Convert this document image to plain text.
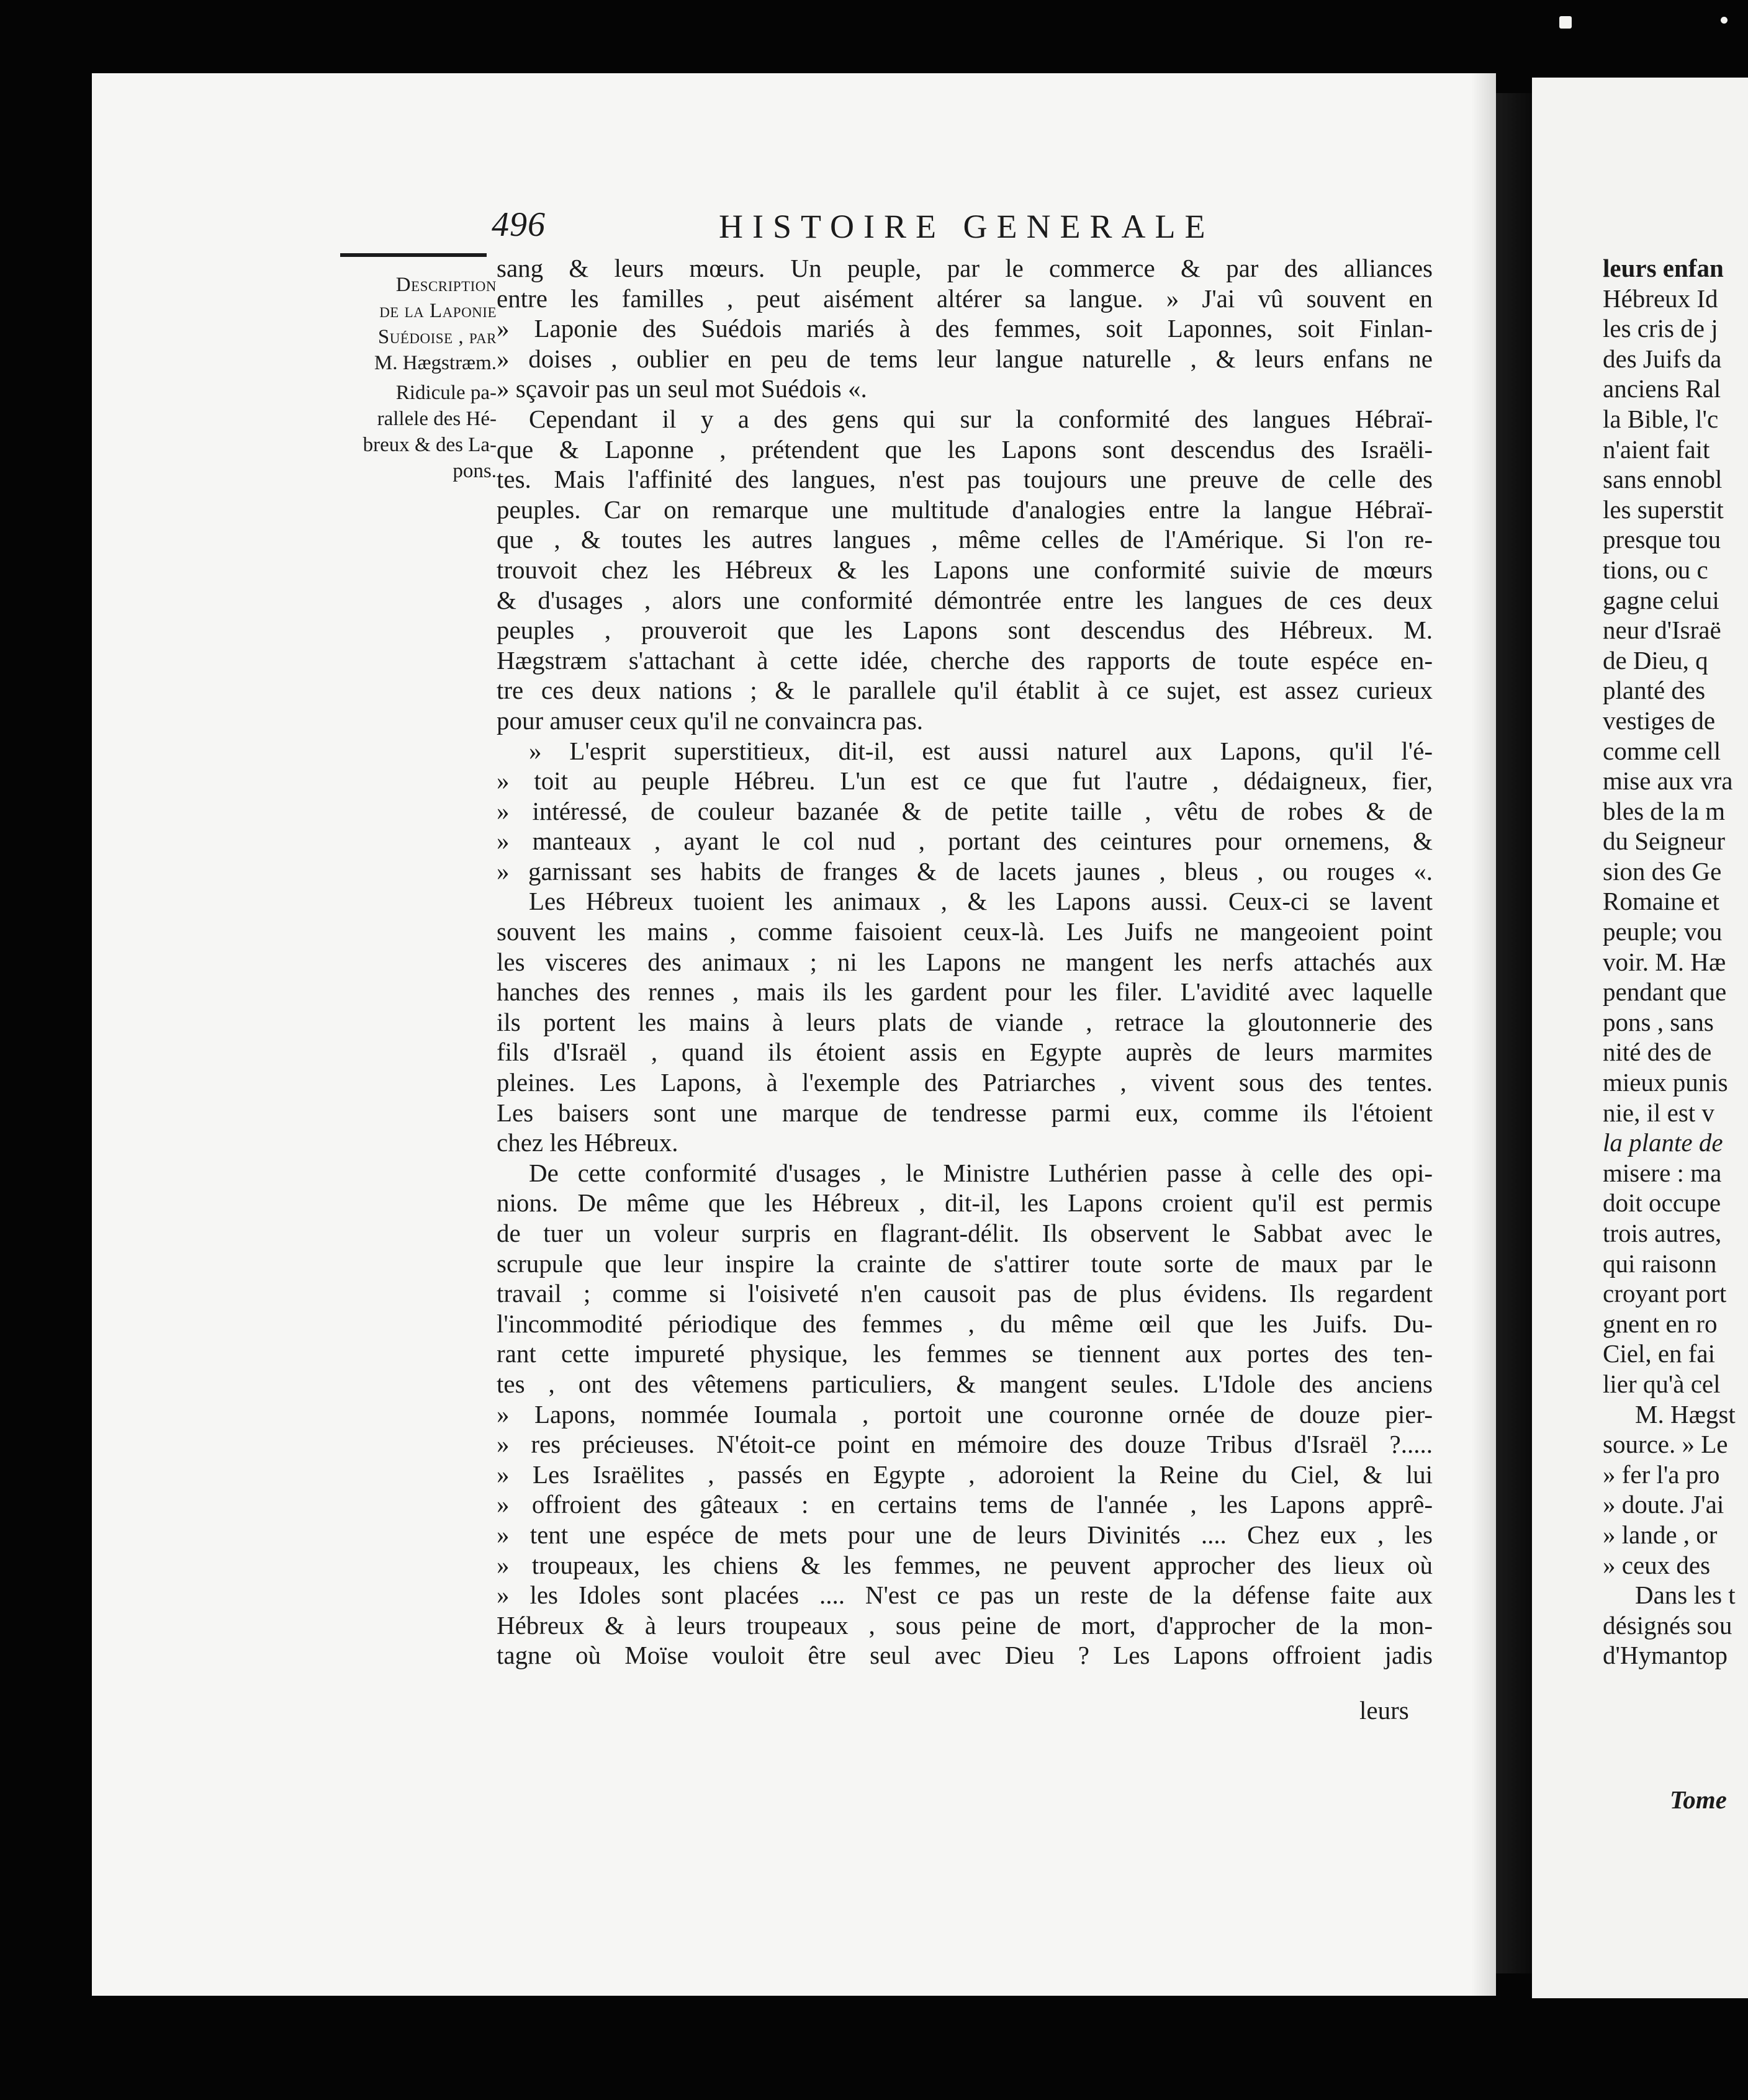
496	HISTOIRE GENERALE

Description

de la Laponie

Suédoise , par

M. Hægstræm.

Ridicule pa-

rallele des Hé-

breux & des La-

pons.

sang & leurs mœurs. Un peuple, par le commerce & par des alliances
entre les familles , peut aisément altérer sa langue. » J'ai vû souvent en
» Laponie des Suédois mariés à des femmes, soit Laponnes, soit Finlan-
» doises , oublier en peu de tems leur langue naturelle , & leurs enfans ne
» sçavoir pas un seul mot Suédois «.
Cependant il y a des gens qui sur la conformité des langues Hébraï-
que & Laponne , prétendent que les Lapons sont descendus des Israëli-
tes. Mais l'affinité des langues, n'est pas toujours une preuve de celle des
peuples. Car on remarque une multitude d'analogies entre la langue Hébraï-
que , & toutes les autres langues , même celles de l'Amérique. Si l'on re-
trouvoit chez les Hébreux & les Lapons une conformité suivie de mœurs
& d'usages , alors une conformité démontrée entre les langues de ces deux
peuples , prouveroit que les Lapons sont descendus des Hébreux. M.
Hægstræm s'attachant à cette idée, cherche des rapports de toute espéce en-
tre ces deux nations ; & le parallele qu'il établit à ce sujet, est assez curieux
pour amuser ceux qu'il ne convaincra pas.
» L'esprit superstitieux, dit-il, est aussi naturel aux Lapons, qu'il l'é-
» toit au peuple Hébreu. L'un est ce que fut l'autre , dédaigneux, fier,
» intéressé, de couleur bazanée & de petite taille , vêtu de robes & de
» manteaux , ayant le col nud , portant des ceintures pour ornemens, &
» garnissant ses habits de franges & de lacets jaunes , bleus , ou rouges «.
Les Hébreux tuoient les animaux , & les Lapons aussi. Ceux-ci se lavent
souvent les mains , comme faisoient ceux-là. Les Juifs ne mangeoient point
les visceres des animaux ; ni les Lapons ne mangent les nerfs attachés aux
hanches des rennes , mais ils les gardent pour les filer. L'avidité avec laquelle
ils portent les mains à leurs plats de viande , retrace la gloutonnerie des
fils d'Israël , quand ils étoient assis en Egypte auprès de leurs marmites
pleines. Les Lapons, à l'exemple des Patriarches , vivent sous des tentes.
Les baisers sont une marque de tendresse parmi eux, comme ils l'étoient
chez les Hébreux.
De cette conformité d'usages , le Ministre Luthérien passe à celle des opi-
nions. De même que les Hébreux , dit-il, les Lapons croient qu'il est permis
de tuer un voleur surpris en flagrant-délit. Ils observent le Sabbat avec le
scrupule que leur inspire la crainte de s'attirer toute sorte de maux par le
travail ; comme si l'oisiveté n'en causoit pas de plus évidens. Ils regardent
l'incommodité périodique des femmes , du même œil que les Juifs. Du-
rant cette impureté physique, les femmes se tiennent aux portes des ten-
tes , ont des vêtemens particuliers, & mangent seules. L'Idole des anciens
» Lapons, nommée Ioumala , portoit une couronne ornée de douze pier-
» res précieuses. N'étoit-ce point en mémoire des douze Tribus d'Israël ?.....
» Les Israëlites , passés en Egypte , adoroient la Reine du Ciel, & lui
» offroient des gâteaux : en certains tems de l'année , les Lapons apprê-
» tent une espéce de mets pour une de leurs Divinités .... Chez eux , les
» troupeaux, les chiens & les femmes, ne peuvent approcher des lieux où
» les Idoles sont placées .... N'est ce pas un reste de la défense faite aux
Hébreux & à leurs troupeaux , sous peine de mort, d'approcher de la mon-
tagne où Moïse vouloit être seul avec Dieu ? Les Lapons offroient jadis
leurs
leurs enfan
Hébreux Id
les cris de j
des Juifs da
anciens Ral
la Bible, l'c
n'aient fait
sans ennobl
les superstit
presque tou
tions, ou c
gagne celui
neur d'Israë
de Dieu, q
planté des
vestiges de
comme cell
mise aux vra
bles de la m
du Seigneur
sion des Ge
Romaine et
peuple; vou
voir. M. Hæ
pendant que
pons , sans
nité des de
mieux punis
nie, il est v
la plante de
misere : ma
doit occupe
trois autres,
qui raisonn
croyant port
gnent en ro
Ciel, en fai
lier qu'à cel
M. Hægst
source. » Le
» fer l'a pro
» doute. J'ai
» lande , or
» ceux des
Dans les t
désignés sou
d'Hymantop
Tome
